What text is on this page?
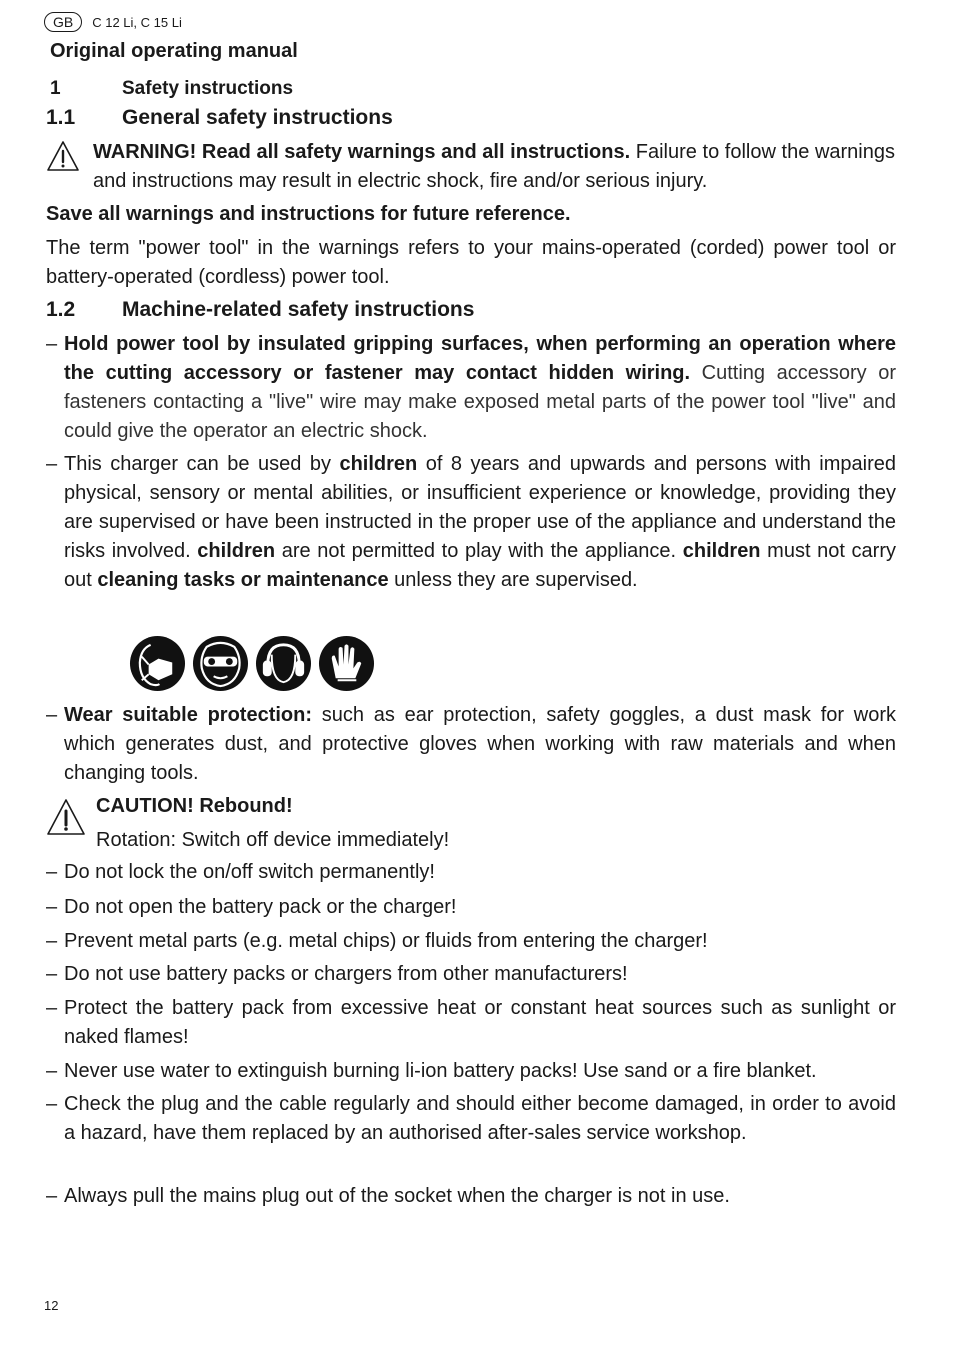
GB	C 12 Li, C 15 Li
Original operating manual
1	Safety instructions
1.1	General safety instructions
WARNING! Read all safety warnings and all instructions. Failure to follow the warnings and instructions may result in electric shock, fire and/or serious injury.
Save all warnings and instructions for future reference.
The term "power tool" in the warnings refers to your mains-operated (corded) power tool or battery-operated (cordless) power tool.
1.2	Machine-related safety instructions
– Hold power tool by insulated gripping surfaces, when performing an operation where the cutting accessory or fastener may contact hidden wiring. Cutting accessory or fasteners contacting a "live" wire may make exposed metal parts of the power tool "live" and could give the operator an electric shock.
– This charger can be used by children of 8 years and upwards and persons with impaired physical, sensory or mental abilities, or insufficient experience or knowledge, providing they are supervised or have been instructed in the proper use of the appliance and understand the risks involved. children are not permitted to play with the appliance. children must not carry out cleaning tasks or maintenance unless they are supervised.
– Wear suitable protection: such as ear protection, safety goggles, a dust mask for work which generates dust, and protective gloves when working with raw materials and when changing tools.
CAUTION! Rebound!
Rotation: Switch off device immediately!
– Do not lock the on/off switch permanently!
– Do not open the battery pack or the charger!
– Prevent metal parts (e.g. metal chips) or fluids from entering the charger!
– Do not use battery packs or chargers from other manufacturers!
– Protect the battery pack from excessive heat or constant heat sources such as sunlight or naked flames!
– Never use water to extinguish burning li-ion battery packs! Use sand or a fire blanket.
– Check the plug and the cable regularly and should either become damaged, in order to avoid a hazard, have them replaced by an authorised after-sales service workshop.
– Always pull the mains plug out of the socket when the charger is not in use.
12
